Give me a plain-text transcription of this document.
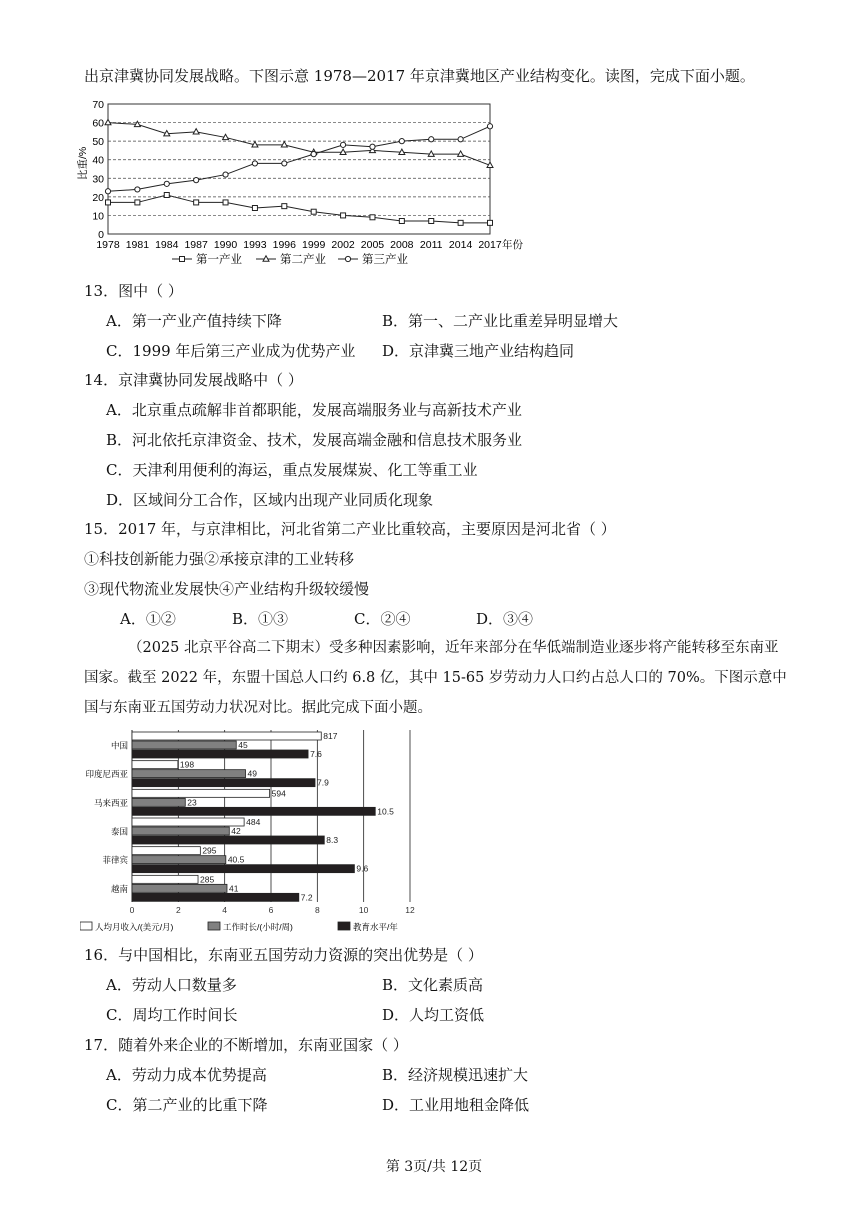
出京津冀协同发展战略。下图示意 1978—2017 年京津冀地区产业结构变化。读图，完成下面小题。
70
60
50
40
30
20
10
0
1978 1981 1984 1987 1990 1993 1996 1999 2002 2005 2008 2011 2014 2017 年份
比重/%
第一产业	第二产业	第三产业
13．图中（ ）
A．第一产业产值持续下降	B．第一、二产业比重差异明显增大
C．1999 年后第三产业成为优势产业 D．京津冀三地产业结构趋同
14．京津冀协同发展战略中（ ）
A．北京重点疏解非首都职能，发展高端服务业与高新技术产业
B．河北依托京津资金、技术，发展高端金融和信息技术服务业
C．天津利用便利的海运，重点发展煤炭、化工等重工业
D．区域间分工合作，区域内出现产业同质化现象
15．2017 年，与京津相比，河北省第二产业比重较高，主要原因是河北省（ ）
①科技创新能力强②承接京津的工业转移
③现代物流业发展快④产业结构升级较缓慢
A．①②	B．①③	C．②④	D．③④
（2025 北京平谷高二下期末）受多种因素影响，近年来部分在华低端制造业逐步将产能转移至东南亚
国家。截至 2022 年，东盟十国总人口约 6.8 亿，其中 15-65 岁劳动力人口约占总人口的 70%。下图示意中
国与东南亚五国劳动力状况对比。据此完成下面小题。
0	2	4	6	8	10	12
中国
817
45
7.6
印度尼西亚
198
49
7.9
马来西亚
594
23
10.5
泰国
484
42
8.3
菲律宾
295
40.5
9.6
越南
285
41
7.2
人均月收入/(美元/月)	工作时长/(小时/周)	教育水平/年
16．与中国相比，东南亚五国劳动力资源的突出优势是（ ）
A．劳动人口数量多	B．文化素质高
C．周均工作时间长	D．人均工资低
17．随着外来企业的不断增加，东南亚国家（ ）
A．劳动力成本优势提高	B．经济规模迅速扩大
C．第二产业的比重下降	D．工业用地租金降低
第 3页/共 12页
